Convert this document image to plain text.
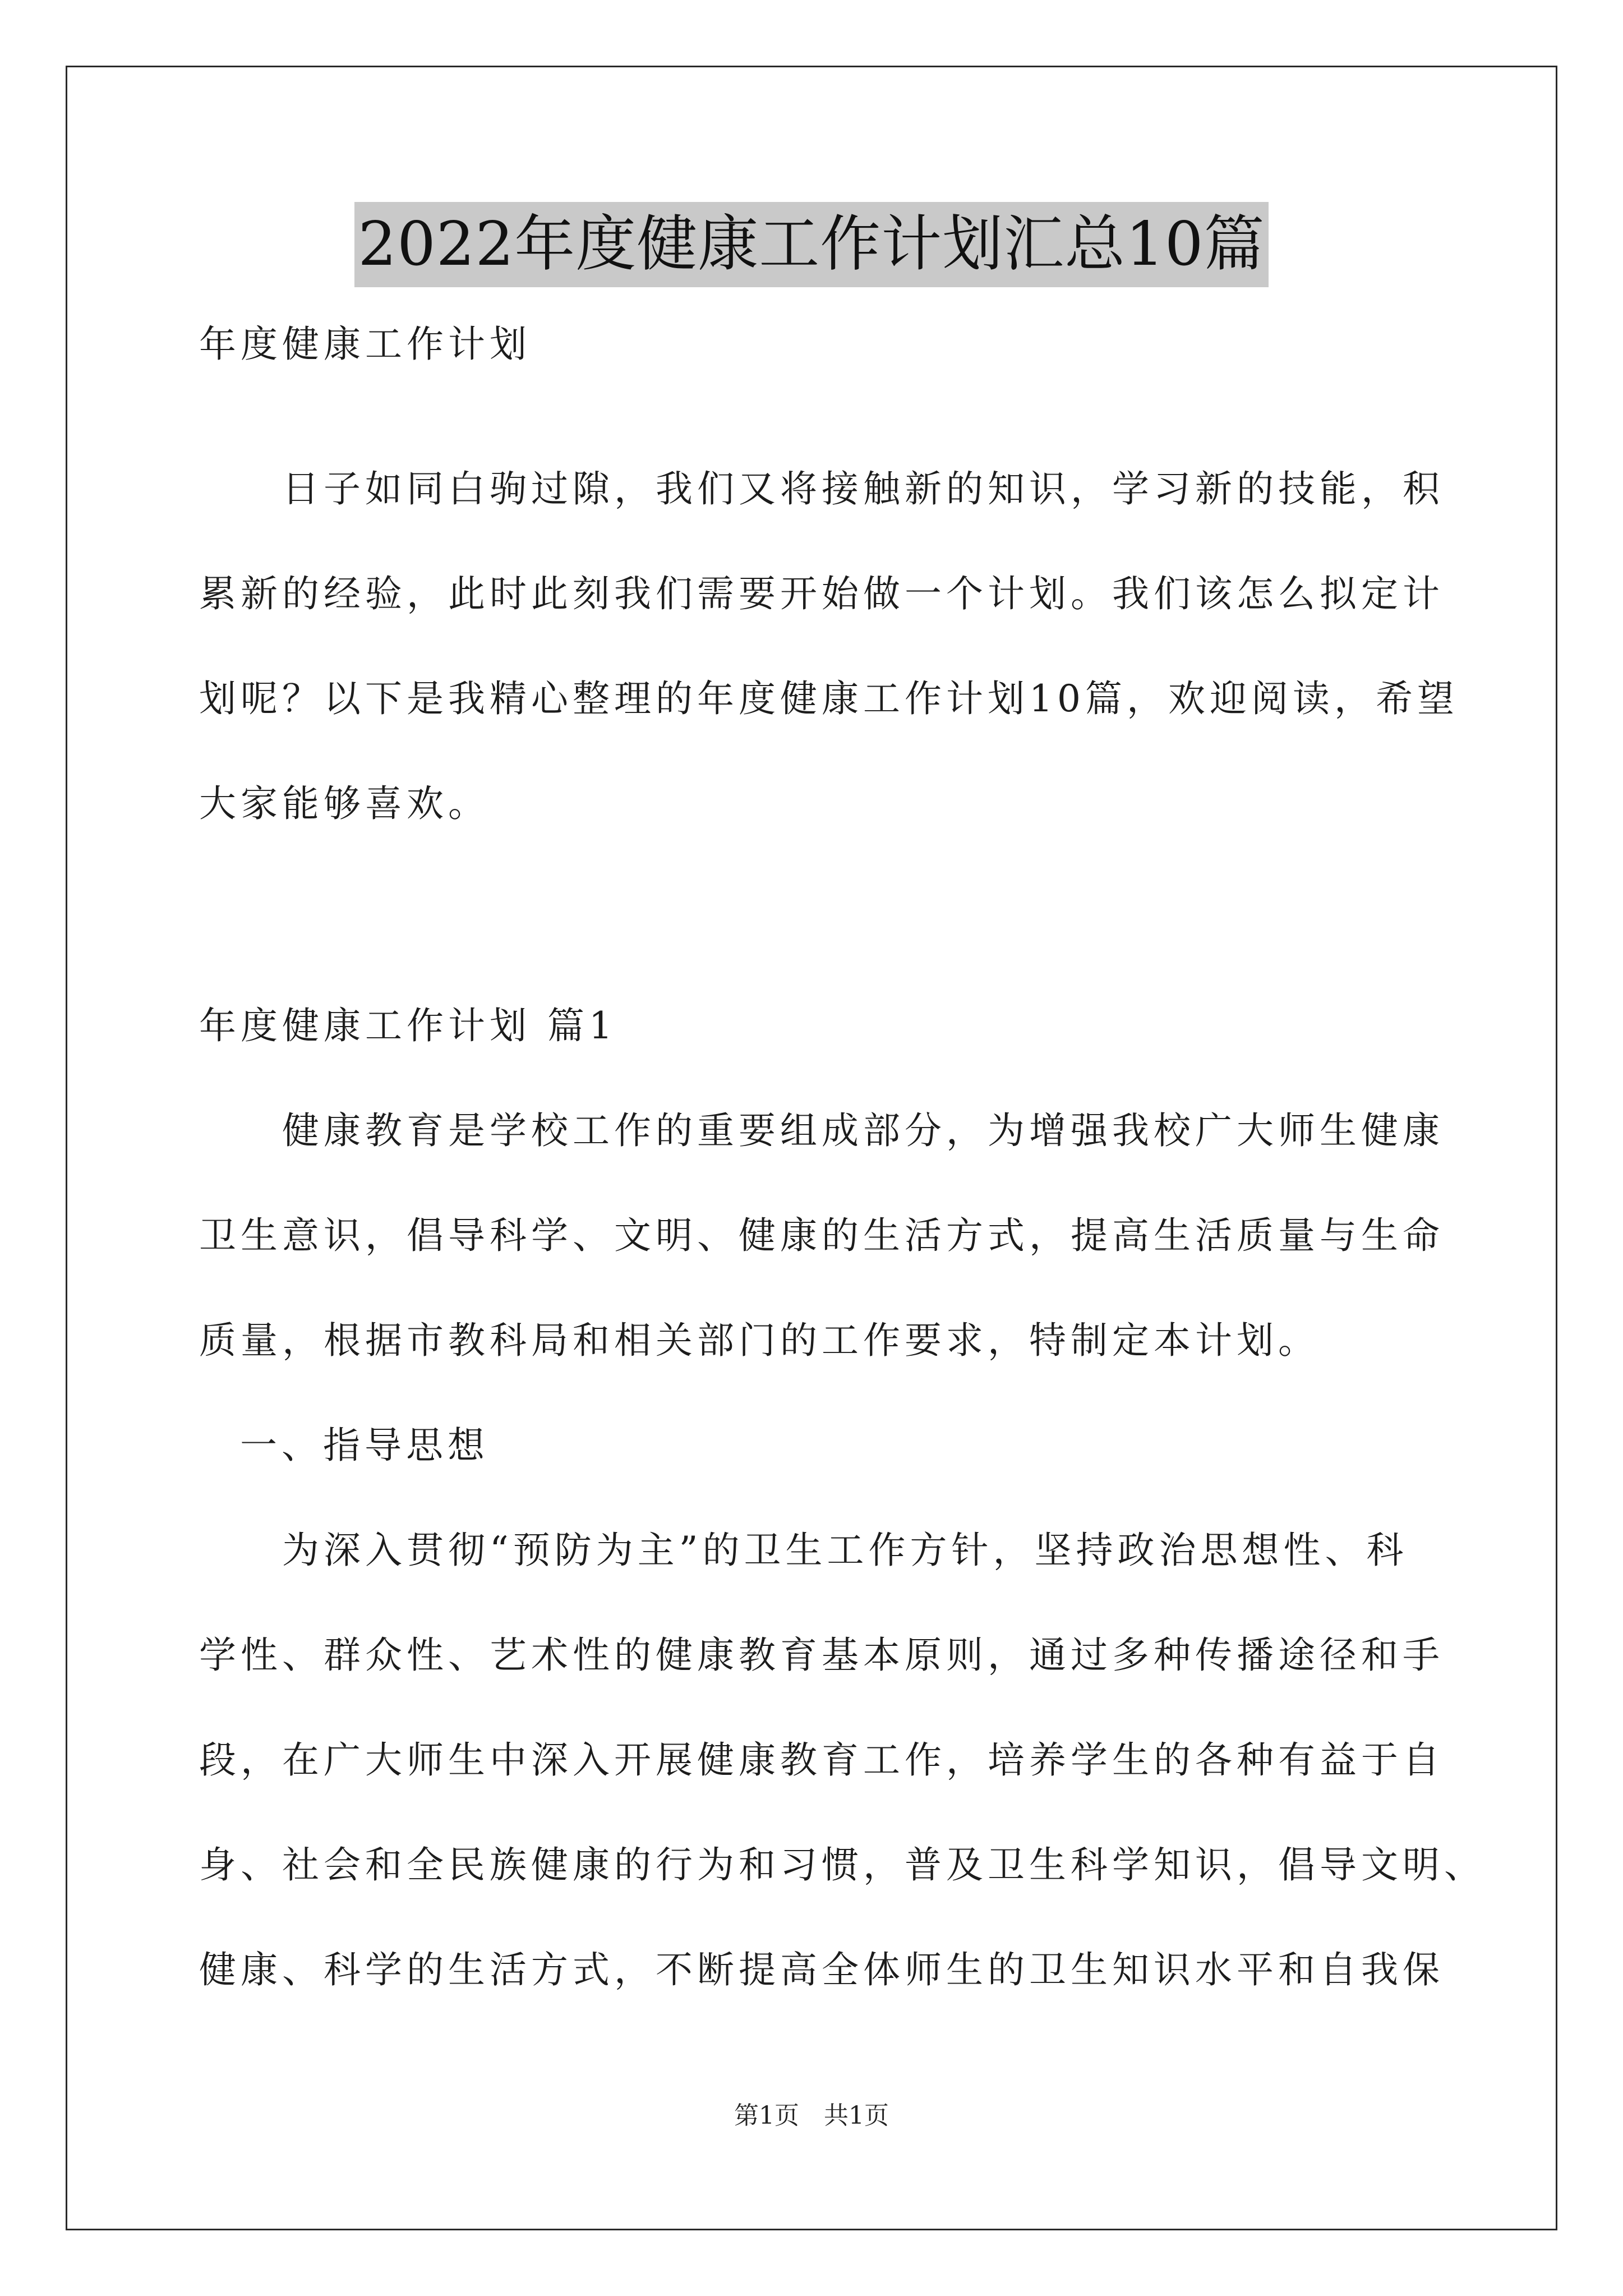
2022年度健康工作计划汇总10篇
年度健康工作计划
日子如同白驹过隙，我们又将接触新的知识，学习新的技能，积
累新的经验，此时此刻我们需要开始做一个计划。我们该怎么拟定计
划呢？以下是我精心整理的年度健康工作计划10篇，欢迎阅读，希望
大家能够喜欢。
年度健康工作计划 篇1
健康教育是学校工作的重要组成部分，为增强我校广大师生健康
卫生意识，倡导科学、文明、健康的生活方式，提高生活质量与生命
质量，根据市教科局和相关部门的工作要求，特制定本计划。
一、指导思想
为深入贯彻“预防为主”的卫生工作方针，坚持政治思想性、科
学性、群众性、艺术性的健康教育基本原则，通过多种传播途径和手
段，在广大师生中深入开展健康教育工作，培养学生的各种有益于自
身、社会和全民族健康的行为和习惯，普及卫生科学知识，倡导文明、
健康、科学的生活方式，不断提高全体师生的卫生知识水平和自我保
第1页　共1页
